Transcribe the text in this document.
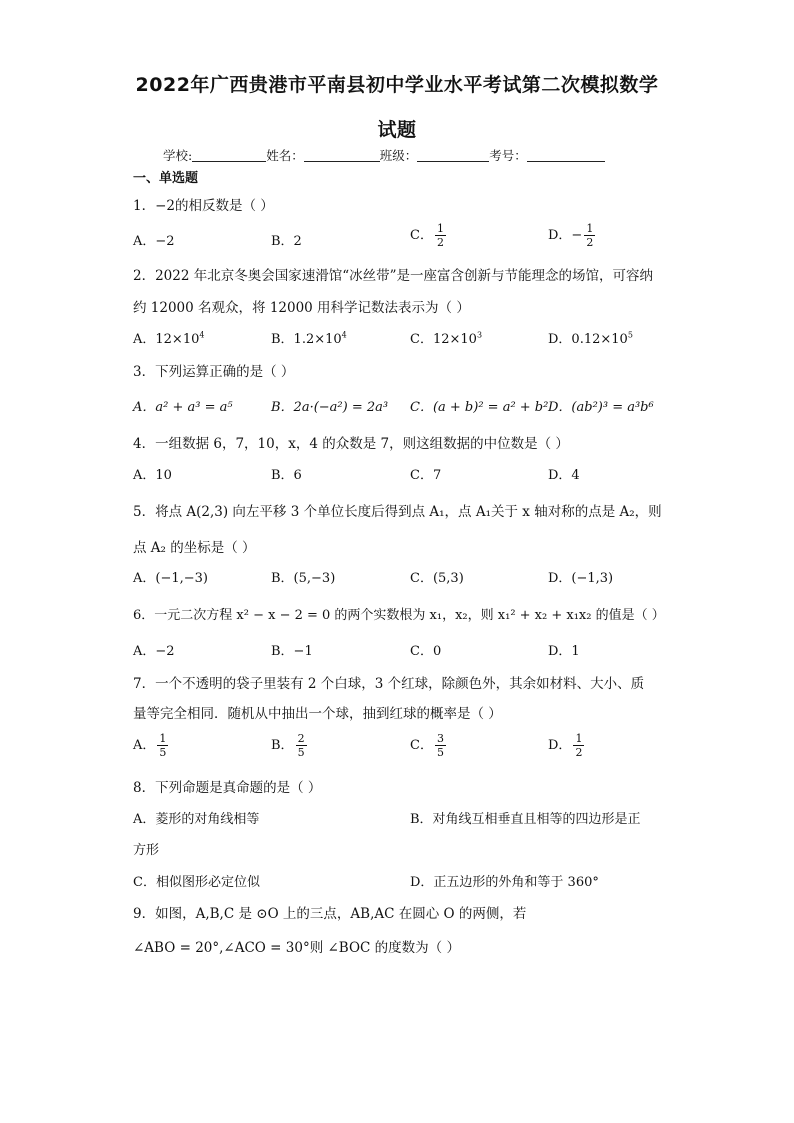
2022年广西贵港市平南县初中学业水平考试第二次模拟数学
试题
学校:	姓名：	班级：	考号：
一、单选题
1．−2的相反数是（ ）
A．−2	B．2	C． $\frac{1}{2}$	D．− $\frac{1}{2}$
2．2022 年北京冬奥会国家速滑馆“冰丝带”是一座富含创新与节能理念的场馆，可容纳
约 12000 名观众，将 12000 用科学记数法表示为（ ）
A．$12\times 10^4$	B．$1.2\times 10^4$	C．$12\times 10^3$	D．$0.12\times 10^5$
3．下列运算正确的是（ ）
A．a² + a³ = a⁵	B．2a·(−a²) = 2a³ C．(a + b)² = a² + b² D．(ab²)³ = a³b⁶
4．一组数据 6，7，10，x，4 的众数是 7，则这组数据的中位数是（ ）
A．10	B．6	C．7	D．4
5．将点 A(2,3) 向左平移 3 个单位长度后得到点 A₁，点 A₁关于 x 轴对称的点是 A₂，则
点 A₂ 的坐标是（ ）
A．(−1,−3)	B．(5,−3)	C．(5,3)	D．(−1,3)
6．一元二次方程 x² − x − 2 = 0 的两个实数根为 x₁，x₂，则 x₁² + x₂ + x₁x₂ 的值是（ ）
A．−2	B．−1	C．0	D．1
7．一个不透明的袋子里装有 2 个白球，3 个红球，除颜色外，其余如材料、大小、质
量等完全相同．随机从中抽出一个球，抽到红球的概率是（ ）
A． $\frac{1}{5}$	B． $\frac{2}{5}$	C． $\frac{3}{5}$	D． $\frac{1}{2}$
8．下列命题是真命题的是（ ）
A．菱形的对角线相等	B．对角线互相垂直且相等的四边形是正
方形
C．相似图形必定位似	D．正五边形的外角和等于 360°
9．如图，A,B,C 是 ⊙O 上的三点，AB,AC 在圆心 O 的两侧，若
∠ABO = 20°,∠ACO = 30°则 ∠BOC 的度数为（ ）
